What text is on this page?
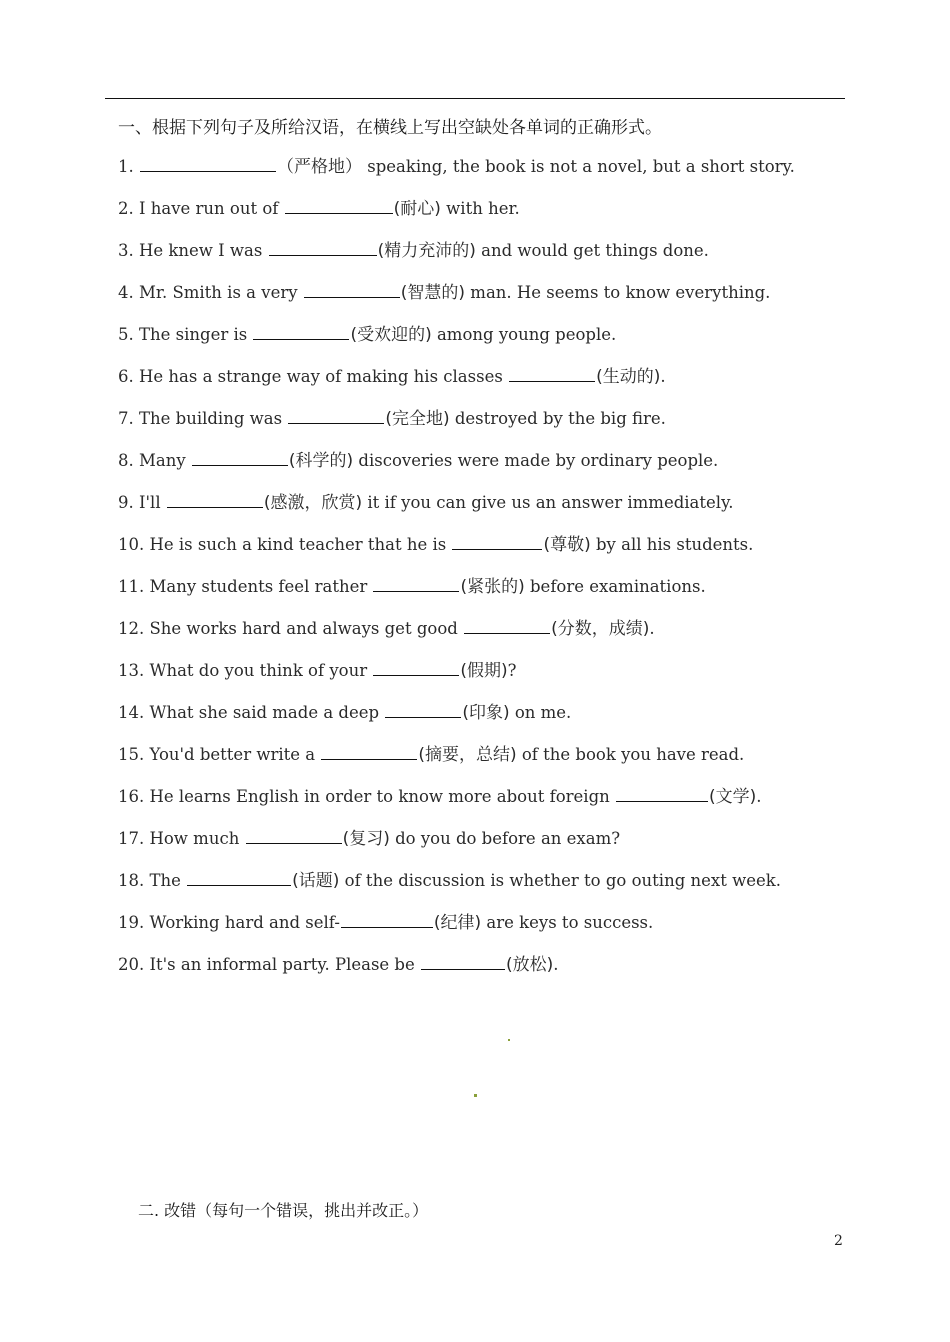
一、根据下列句子及所给汉语，在横线上写出空缺处各单词的正确形式。
1.	（严格地） speaking, the book is not a novel, but a short story.
2. I have run out of	(耐心) with her.
3. He knew I was	(精力充沛的) and would get things done.
4. Mr. Smith is a very	(智慧的) man. He seems to know everything.
5. The singer is	(受欢迎的) among young people.
6. He has a strange way of making his classes	(生动的).
7. The building was	(完全地) destroyed by the big fire.
8. Many	(科学的) discoveries were made by ordinary people.
9. I'll	(感激，欣赏) it if you can give us an answer immediately.
10. He is such a kind teacher that he is	(尊敬) by all his students.
11. Many students feel rather	(紧张的) before examinations.
12. She works hard and always get good	(分数，成绩).
13. What do you think of your	(假期)?
14. What she said made a deep	(印象) on me.
15. You'd better write a	(摘要，总结) of the book you have read.
16. He learns English in order to know more about foreign	(文学).
17. How much	(复习) do you do before an exam?
18. The	(话题) of the discussion is whether to go outing next week.
19. Working hard and self-	(纪律) are keys to success.
20. It's an informal party. Please be	(放松).
二. 改错（每句一个错误，挑出并改正。）
2
